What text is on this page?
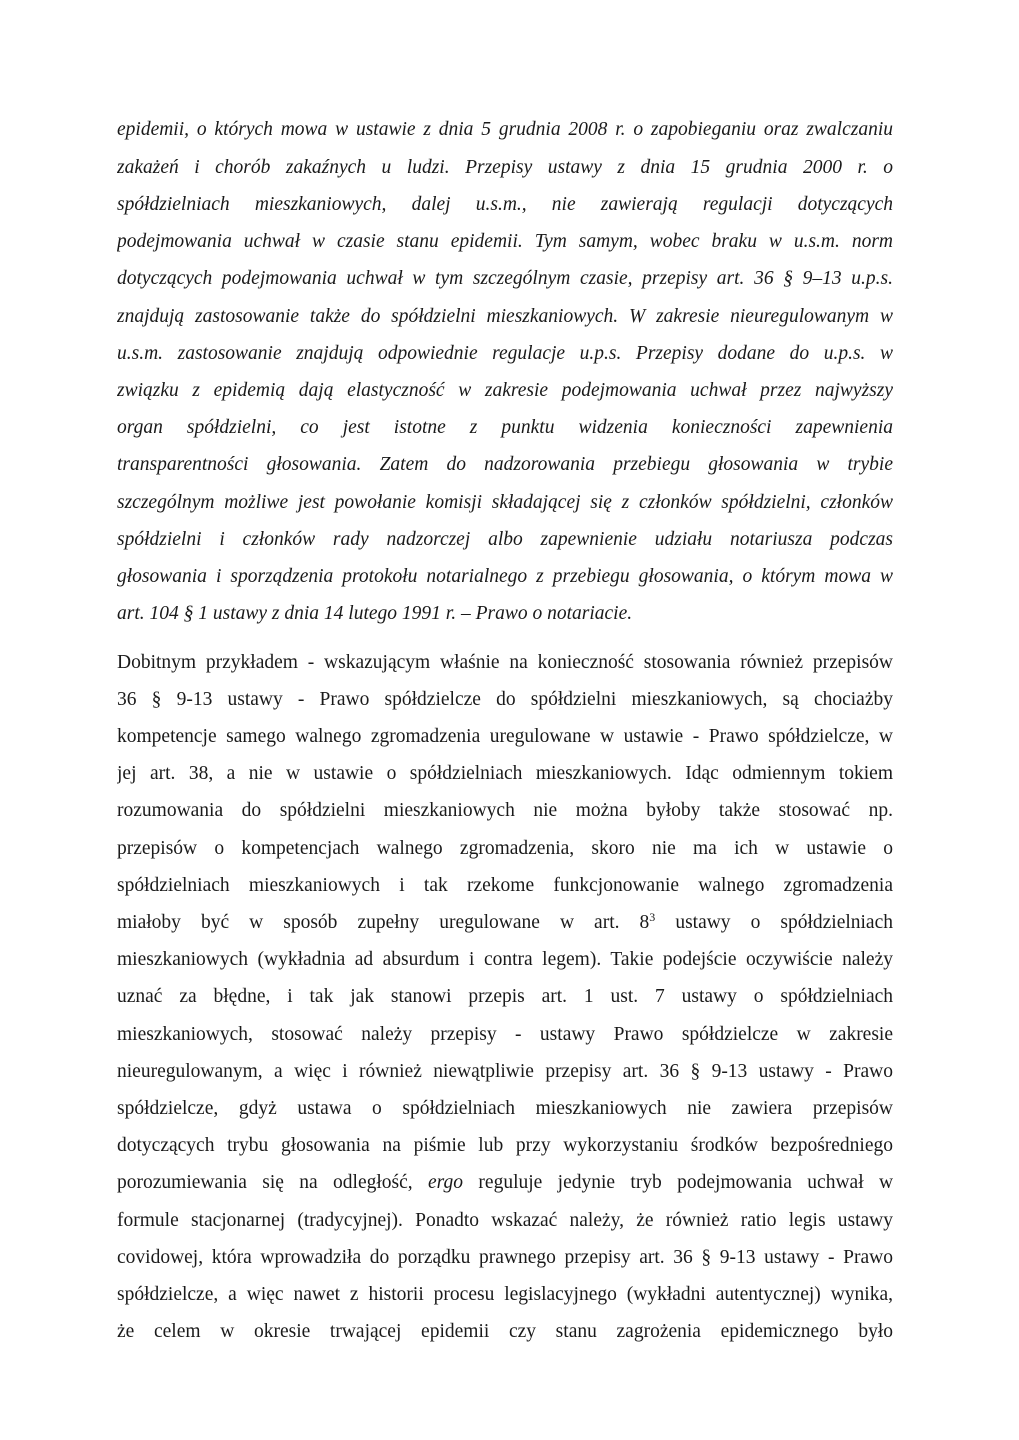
epidemii, o których mowa w ustawie z dnia 5 grudnia 2008 r. o zapobieganiu oraz zwalczaniu
zakażeń i chorób zakaźnych u ludzi. Przepisy ustawy z dnia 15 grudnia 2000 r. o
spółdzielniach mieszkaniowych, dalej u.s.m., nie zawierają regulacji dotyczących
podejmowania uchwał w czasie stanu epidemii. Tym samym, wobec braku w u.s.m. norm
dotyczących podejmowania uchwał w tym szczególnym czasie, przepisy art. 36 § 9–13 u.p.s.
znajdują zastosowanie także do spółdzielni mieszkaniowych. W zakresie nieuregulowanym w
u.s.m. zastosowanie znajdują odpowiednie regulacje u.p.s. Przepisy dodane do u.p.s. w
związku z epidemią dają elastyczność w zakresie podejmowania uchwał przez najwyższy
organ spółdzielni, co jest istotne z punktu widzenia konieczności zapewnienia
transparentności głosowania. Zatem do nadzorowania przebiegu głosowania w trybie
szczególnym możliwe jest powołanie komisji składającej się z członków spółdzielni, członków
spółdzielni i członków rady nadzorczej albo zapewnienie udziału notariusza podczas
głosowania i sporządzenia protokołu notarialnego z przebiegu głosowania, o którym mowa w
art. 104 § 1 ustawy z dnia 14 lutego 1991 r. – Prawo o notariacie.
Dobitnym przykładem - wskazującym właśnie na konieczność stosowania również przepisów
36 § 9-13 ustawy - Prawo spółdzielcze do spółdzielni mieszkaniowych, są chociażby
kompetencje samego walnego zgromadzenia uregulowane w ustawie - Prawo spółdzielcze, w
jej art. 38, a nie w ustawie o spółdzielniach mieszkaniowych. Idąc odmiennym tokiem
rozumowania do spółdzielni mieszkaniowych nie można byłoby także stosować np.
przepisów o kompetencjach walnego zgromadzenia, skoro nie ma ich w ustawie o
spółdzielniach mieszkaniowych i tak rzekome funkcjonowanie walnego zgromadzenia
miałoby być w sposób zupełny uregulowane w art. $8^3$ ustawy o spółdzielniach
mieszkaniowych (wykładnia ad absurdum i contra legem). Takie podejście oczywiście należy
uznać za błędne, i tak jak stanowi przepis art. 1 ust. 7 ustawy o spółdzielniach
mieszkaniowych, stosować należy przepisy - ustawy Prawo spółdzielcze w zakresie
nieuregulowanym, a więc i również niewątpliwie przepisy art. 36 § 9-13 ustawy - Prawo
spółdzielcze, gdyż ustawa o spółdzielniach mieszkaniowych nie zawiera przepisów
dotyczących trybu głosowania na piśmie lub przy wykorzystaniu środków bezpośredniego
porozumiewania się na odległość, ergo reguluje jedynie tryb podejmowania uchwał w
formule stacjonarnej (tradycyjnej). Ponadto wskazać należy, że również ratio legis ustawy
covidowej, która wprowadziła do porządku prawnego przepisy art. 36 § 9-13 ustawy - Prawo
spółdzielcze, a więc nawet z historii procesu legislacyjnego (wykładni autentycznej) wynika,
że celem w okresie trwającej epidemii czy stanu zagrożenia epidemicznego było
